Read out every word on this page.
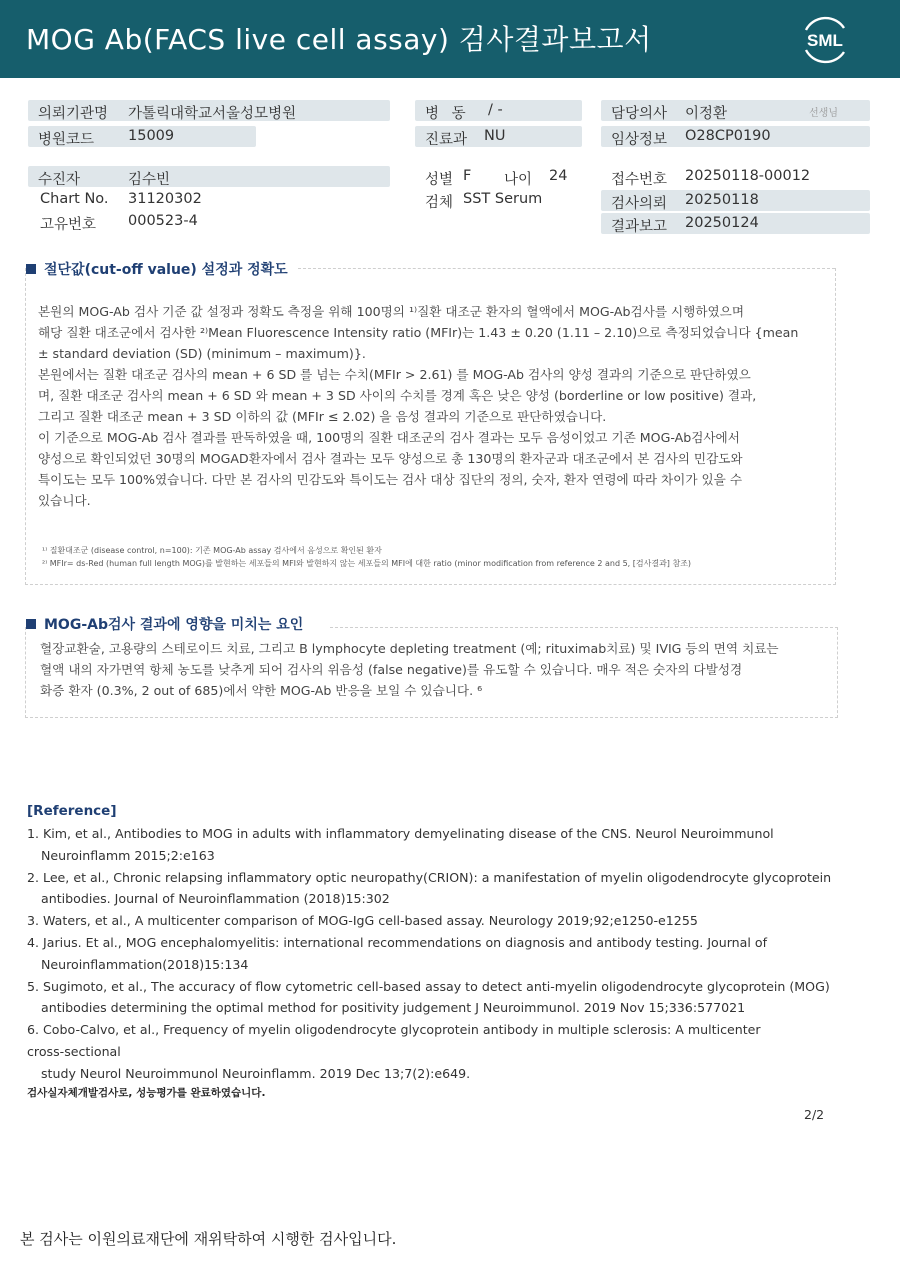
MOG Ab(FACS live cell assay) 검사결과보고서	SML
의뢰기관명 가톨릭대학교서울성모병원
병원코드 15009
병 동 / -
진료과 NU
담당의사 이정환	선생님
임상정보 O28CP0190
수진자	김수빈
Chart No. 31120302
고유번호 000523-4
성별 F 나이 24
검체 SST Serum
접수번호 20250118-00012
검사의뢰 20250118
결과보고 20250124
절단값(cut-off value) 설정과 정확도

본원의 MOG-Ab 검사 기준 값 설정과 정확도 측정을 위해 100명의 ¹⁾질환 대조군 환자의 혈액에서 MOG-Ab검사를 시행하였으며

해당 질환 대조군에서 검사한 ²⁾Mean Fluorescence Intensity ratio (MFIr)는 1.43 ± 0.20 (1.11 – 2.10)으로 측정되었습니다 {mean

± standard deviation (SD) (minimum – maximum)}.

본원에서는 질환 대조군 검사의 mean + 6 SD 를 넘는 수치(MFIr > 2.61) 를 MOG-Ab 검사의 양성 결과의 기준으로 판단하였으

며, 질환 대조군 검사의 mean + 6 SD 와 mean + 3 SD 사이의 수치를 경계 혹은 낮은 양성 (borderline or low positive) 결과,

그리고 질환 대조군 mean + 3 SD 이하의 값 (MFIr ≤ 2.02) 을 음성 결과의 기준으로 판단하였습니다.

이 기준으로 MOG-Ab 검사 결과를 판독하였을 때, 100명의 질환 대조군의 검사 결과는 모두 음성이었고 기존 MOG-Ab검사에서

양성으로 확인되었던 30명의 MOGAD환자에서 검사 결과는 모두 양성으로 총 130명의 환자군과 대조군에서 본 검사의 민감도와

특이도는 모두 100%였습니다. 다만 본 검사의 민감도와 특이도는 검사 대상 집단의 정의, 숫자, 환자 연령에 따라 차이가 있을 수

있습니다.

¹⁾ 질환대조군 (disease control, n=100): 기존 MOG-Ab assay 검사에서 음성으로 확인된 환자

²⁾ MFIr= ds-Red (human full length MOG)를 발현하는 세포들의 MFI와 발현하지 않는 세포들의 MFI에 대한 ratio (minor modification from reference 2 and 5, [검사결과] 참조)

MOG-Ab검사 결과에 영향을 미치는 요인

혈장교환술, 고용량의 스테로이드 치료, 그리고 B lymphocyte depleting treatment (예; rituximab치료) 및 IVIG 등의 면역 치료는

혈액 내의 자가면역 항체 농도를 낮추게 되어 검사의 위음성 (false negative)를 유도할 수 있습니다. 매우 적은 숫자의 다발성경

화증 환자 (0.3%, 2 out of 685)에서 약한 MOG-Ab 반응을 보일 수 있습니다. ⁶

[Reference]

1. Kim, et al., Antibodies to MOG in adults with inflammatory demyelinating disease of the CNS. Neurol Neuroimmunol

Neuroinflamm 2015;2:e163

2. Lee, et al., Chronic relapsing inflammatory optic neuropathy(CRION): a manifestation of myelin oligodendrocyte glycoprotein

antibodies. Journal of Neuroinflammation (2018)15:302

3. Waters, et al., A multicenter comparison of MOG-IgG cell-based assay. Neurology 2019;92;e1250-e1255

4. Jarius. Et al., MOG encephalomyelitis: international recommendations on diagnosis and antibody testing. Journal of

Neuroinflammation(2018)15:134

5. Sugimoto, et al., The accuracy of flow cytometric cell-based assay to detect anti-myelin oligodendrocyte glycoprotein (MOG)

antibodies determining the optimal method for positivity judgement J Neuroimmunol. 2019 Nov 15;336:577021

6. Cobo-Calvo, et al., Frequency of myelin oligodendrocyte glycoprotein antibody in multiple sclerosis: A multicenter

cross-sectional

study Neurol Neuroimmunol Neuroinflamm. 2019 Dec 13;7(2):e649.

검사실자체개발검사로, 성능평가를 완료하였습니다.
2/2
본 검사는 이원의료재단에 재위탁하여 시행한 검사입니다.
